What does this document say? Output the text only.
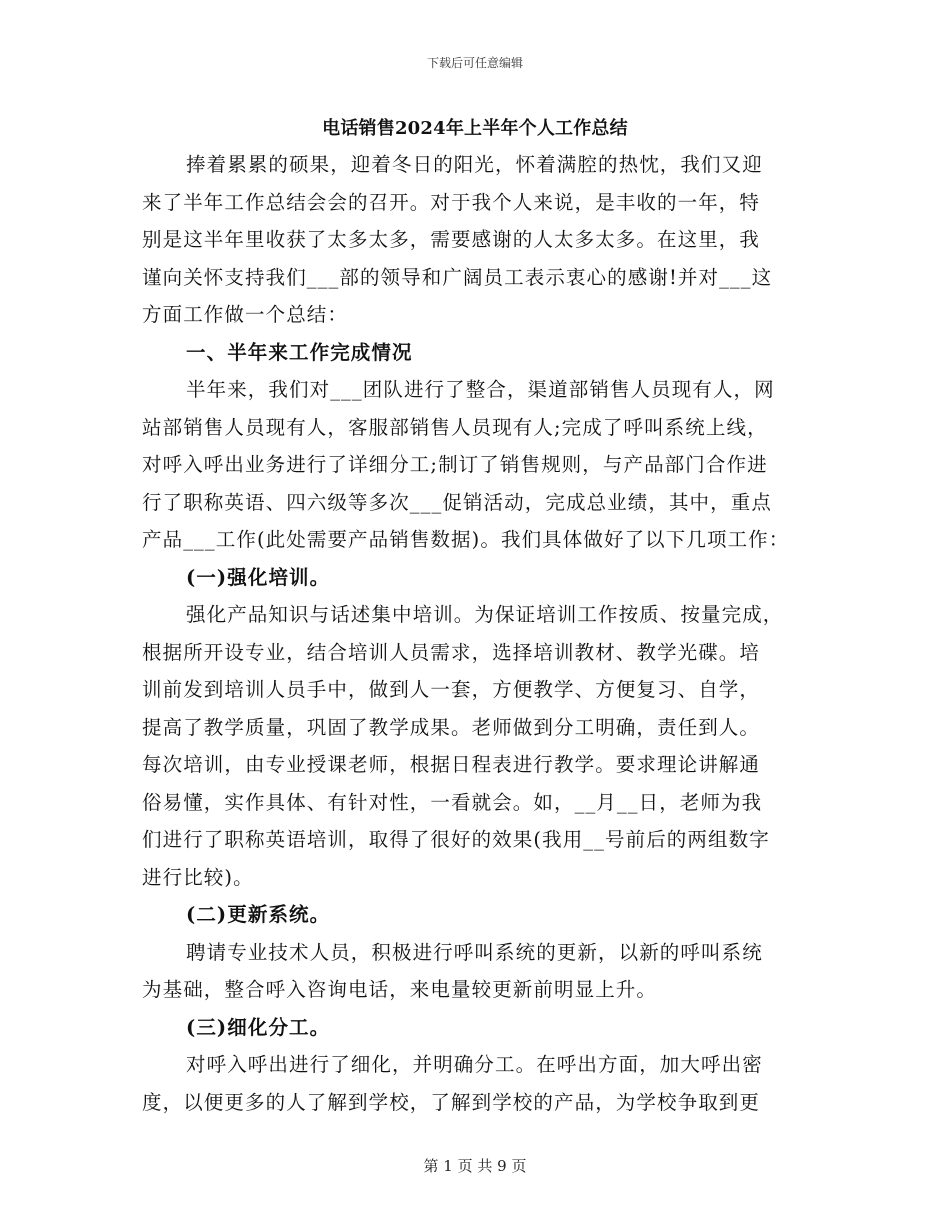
下载后可任意编辑
电话销售2024年上半年个人工作总结
捧着累累的硕果，迎着冬日的阳光，怀着满腔的热忱，我们又迎
来了半年工作总结会会的召开。对于我个人来说，是丰收的一年，特
别是这半年里收获了太多太多，需要感谢的人太多太多。在这里，我
谨向关怀支持我们___部的领导和广阔员工表示衷心的感谢!并对___这
方面工作做一个总结：
一、半年来工作完成情况
半年来，我们对___团队进行了整合，渠道部销售人员现有人，网
站部销售人员现有人，客服部销售人员现有人;完成了呼叫系统上线，
对呼入呼出业务进行了详细分工;制订了销售规则，与产品部门合作进
行了职称英语、四六级等多次___促销活动，完成总业绩，其中，重点
产品___工作(此处需要产品销售数据)。我们具体做好了以下几项工作：
(一)强化培训。
强化产品知识与话述集中培训。为保证培训工作按质、按量完成，
根据所开设专业，结合培训人员需求，选择培训教材、教学光碟。培
训前发到培训人员手中，做到人一套，方便教学、方便复习、自学，
提高了教学质量，巩固了教学成果。老师做到分工明确，责任到人。
每次培训，由专业授课老师，根据日程表进行教学。要求理论讲解通
俗易懂，实作具体、有针对性，一看就会。如，__月__日，老师为我
们进行了职称英语培训，取得了很好的效果(我用__号前后的两组数字
进行比较)。
(二)更新系统。
聘请专业技术人员，积极进行呼叫系统的更新，以新的呼叫系统
为基础，整合呼入咨询电话，来电量较更新前明显上升。
(三)细化分工。
对呼入呼出进行了细化，并明确分工。在呼出方面，加大呼出密
度，以便更多的人了解到学校，了解到学校的产品，为学校争取到更
第 1 页 共 9 页
